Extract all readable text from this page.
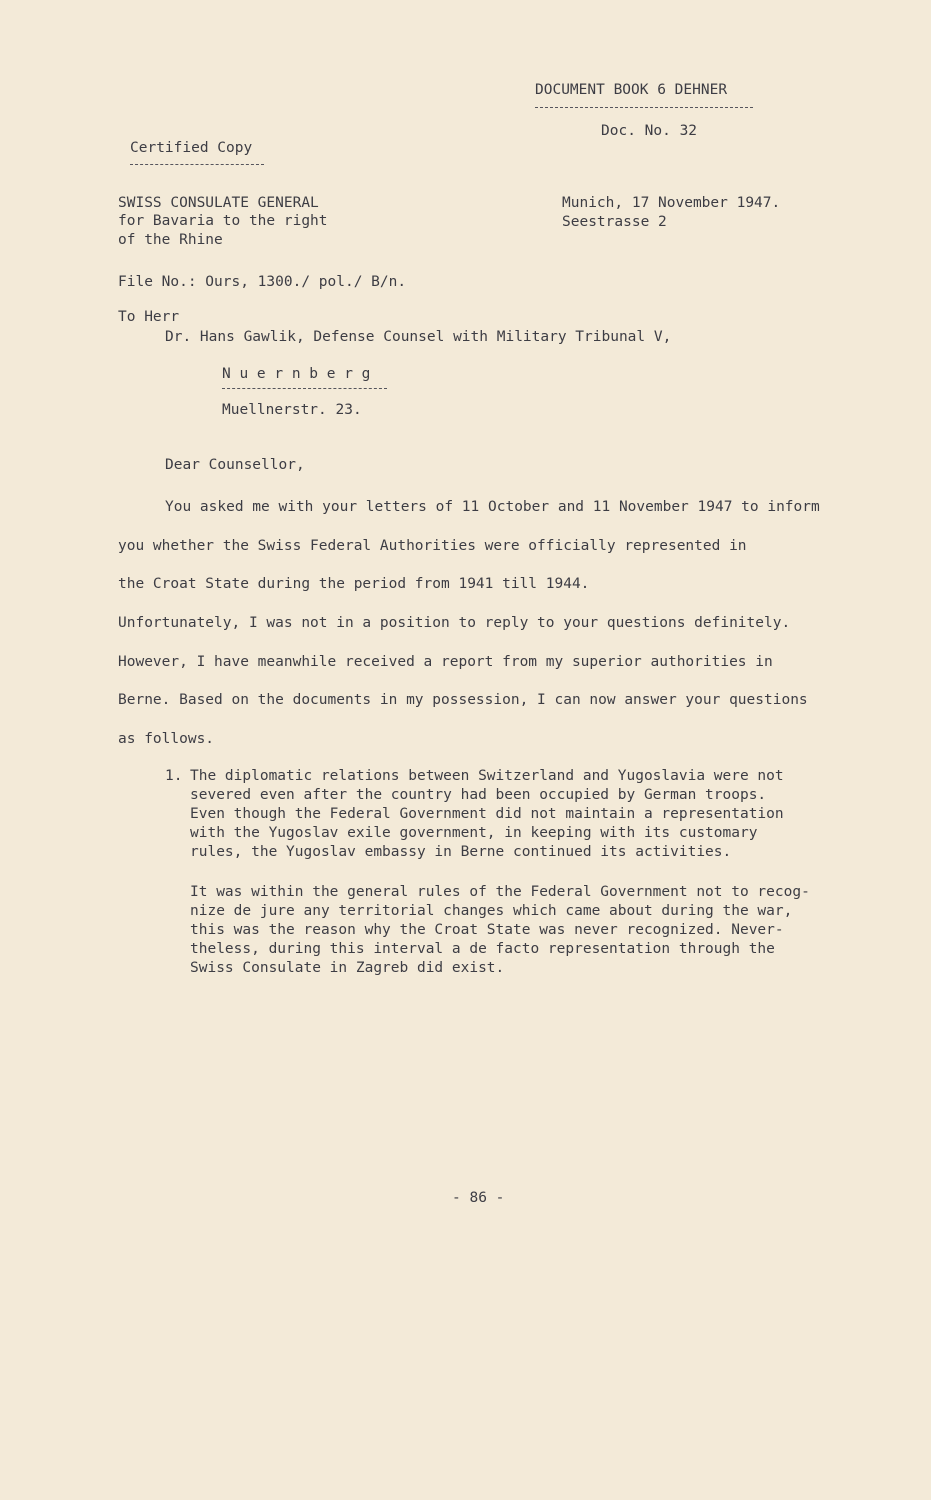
DOCUMENT BOOK 6 DEHNER
Doc. No. 32
Certified Copy
SWISS CONSULATE GENERAL
for Bavaria to the right
of the Rhine
Munich, 17 November 1947.
Seestrasse 2
File No.: Ours, 1300./ pol./ B/n.
To Herr
Dr. Hans Gawlik, Defense Counsel with Military Tribunal V,
N u e r n b e r g
Muellnerstr. 23.
Dear Counsellor,
You asked me with your letters of 11 October and 11 November 1947 to inform
you whether the Swiss Federal Authorities were officially represented in
the Croat State during the period from 1941 till 1944.
Unfortunately, I was not in a position to reply to your questions definitely.
However, I have meanwhile received a report from my superior authorities in
Berne. Based on the documents in my possession, I can now answer your questions
as follows.
1. The diplomatic relations between Switzerland and Yugoslavia were not
severed even after the country had been occupied by German troops.
Even though the Federal Government did not maintain a representation
with the Yugoslav exile government, in keeping with its customary
rules, the Yugoslav embassy in Berne continued its activities.
It was within the general rules of the Federal Government not to recog-
nize de jure any territorial changes which came about during the war,
this was the reason why the Croat State was never recognized. Never-
theless, during this interval a de facto representation through the
Swiss Consulate in Zagreb did exist.
- 86 -
